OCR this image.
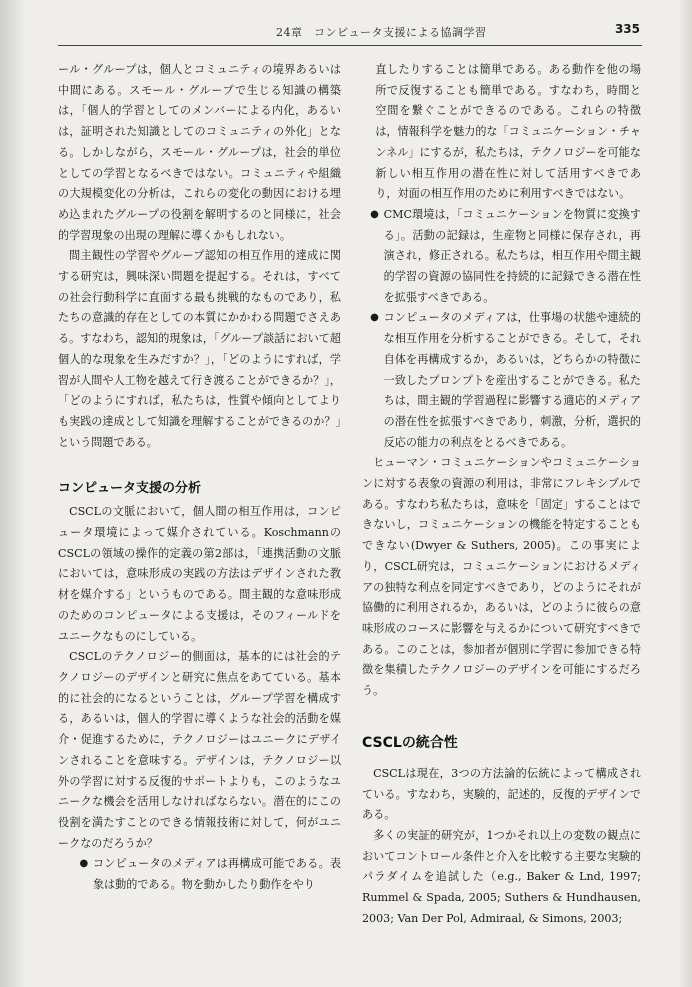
24章　コンピュータ支援による協調学習	335

ール・グループは，個人とコミュニティの境界あるいは中間にある。スモール・グループで生じる知識の構築は，「個人的学習としてのメンバーによる内化，あるいは，証明された知識としてのコミュニティの外化」となる。しかしながら，スモール・グループは，社会的単位としての学習となるべきではない。コミュニティや組織の大規模変化の分析は，これらの変化の動因における埋め込まれたグループの役割を解明するのと同様に，社会的学習現象の出現の理解に導くかもしれない。

間主観性の学習やグループ認知の相互作用的達成に関する研究は，興味深い問題を提起する。それは，すべての社会行動科学に直面する最も挑戦的なものであり，私たちの意識的存在としての本質にかかわる問題でさえある。すなわち，認知的現象は，「グループ談話において超個人的な現象を生みだすか？」，「どのようにすれば，学習が人間や人工物を越えて行き渡ることができるか？」，「どのようにすれば，私たちは，性質や傾向としてよりも実践の達成として知識を理解することができるのか？」という問題である。

コンピュータ支援の分析

CSCLの文脈において，個人間の相互作用は，コンピュータ環境によって媒介されている。Koschmannの CSCLの領域の操作的定義の第2部は，「連携活動の文脈においては，意味形成の実践の方法はデザインされた教材を媒介する」というものである。間主観的な意味形成のためのコンピュータによる支援は，そのフィールドをユニークなものにしている。

CSCLのテクノロジー的側面は，基本的には社会的テクノロジーのデザインと研究に焦点をあてている。基本的に社会的になるということは，グループ学習を構成する，あるいは，個人的学習に導くような社会的活動を媒介・促進するために，テクノロジーはユニークにデザインされることを意味する。デザインは，テクノロジー以外の学習に対する反復的サポートよりも，このようなユニークな機会を活用しなければならない。潜在的にこの役割を満たすことのできる情報技術に対して，何がユニークなのだろうか？

● コンピュータのメディアは再構成可能である。表象は動的である。物を動かしたり動作をやり

直したりすることは簡単である。ある動作を他の場所で反復することも簡単である。すなわち，時間と空間を繋ぐことができるのである。これらの特徴は，情報科学を魅力的な「コミュニケーション・チャンネル」にするが，私たちは，テクノロジーを可能な新しい相互作用の潜在性に対して活用すべきであり，対面の相互作用のために利用すべきではない。

● CMC環境は，「コミュニケーションを物質に変換する」。活動の記録は，生産物と同様に保存され，再演され，修正される。私たちは，相互作用や間主観的学習の資源の協同性を持続的に記録できる潜在性を拡張すべきである。

● コンピュータのメディアは，仕事場の状態や連続的な相互作用を分析することができる。そして，それ自体を再構成するか，あるいは，どちらかの特徴に一致したプロンプトを産出することができる。私たちは，間主観的学習過程に影響する適応的メディアの潜在性を拡張すべきであり，刺激，分析，選択的反応の能力の利点をとるべきである。

ヒューマン・コミュニケーションやコミュニケーションに対する表象の資源の利用は，非常にフレキシブルである。すなわち私たちは，意味を「固定」することはできないし，コミュニケーションの機能を特定することもできない(Dwyer & Suthers, 2005)。この事実により，CSCL研究は，コミュニケーションにおけるメディアの独特な利点を同定すべきであり，どのようにそれが協働的に利用されるか，あるいは，どのように彼らの意味形成のコースに影響を与えるかについて研究すべきである。このことは，参加者が個別に学習に参加できる特徴を集積したテクノロジーのデザインを可能にするだろう。

CSCLの統合性

CSCLは現在，3つの方法論的伝統によって構成されている。すなわち，実験的，記述的，反復的デザインである。

多くの実証的研究が，1つかそれ以上の変数の観点においてコントロール条件と介入を比較する主要な実験的パラダイムを追試した（e.g., Baker & Lnd, 1997; Rummel & Spada, 2005; Suthers & Hundhausen, 2003; Van Der Pol, Admiraal, & Simons, 2003;
